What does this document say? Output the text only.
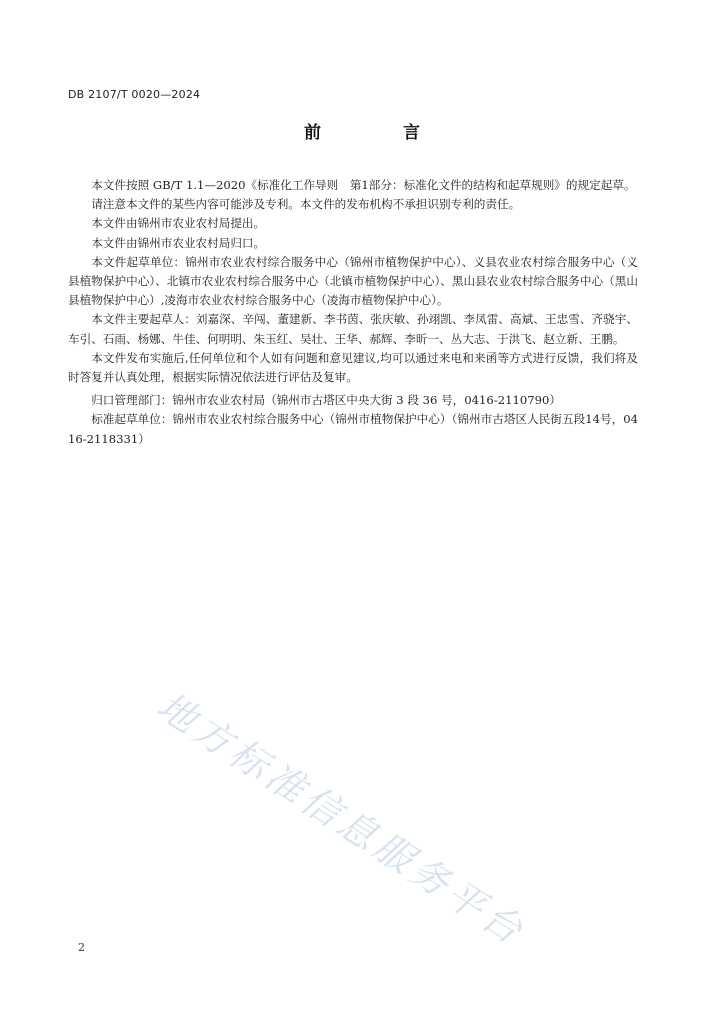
DB 2107/T 0020—2024
前 言

本文件按照 GB/T 1.1—2020《标准化工作导则　第1部分：标准化文件的结构和起草规则》的规定起草。

请注意本文件的某些内容可能涉及专利。本文件的发布机构不承担识别专利的责任。

本文件由锦州市农业农村局提出。

本文件由锦州市农业农村局归口。

本文件起草单位：锦州市农业农村综合服务中心（锦州市植物保护中心）、义县农业农村综合服务中心（义县植物保护中心）、北镇市农业农村综合服务中心（北镇市植物保护中心）、黑山县农业农村综合服务中心（黑山县植物保护中心）,凌海市农业农村综合服务中心（凌海市植物保护中心）。

本文件主要起草人：刘嘉深、辛闯、董建新、李书茵、张庆敏、孙翊凯、李凤雷、高斌、王忠雪、齐骁宇、车引、石雨、杨娜、牛佳、何明明、朱玉红、吴壮、王华、郝辉、李昕一、丛大志、于洪飞、赵立新、王鹏。

本文件发布实施后,任何单位和个人如有问题和意见建议,均可以通过来电和来函等方式进行反馈，我们将及时答复并认真处理，根据实际情况依法进行评估及复审。

归口管理部门：锦州市农业农村局（锦州市古塔区中央大街 3 段 36 号，0416-2110790）

标准起草单位：锦州市农业农村综合服务中心（锦州市植物保护中心）（锦州市古塔区人民街五段14号，0416-2118331）

地方标准信息服务平台
2
